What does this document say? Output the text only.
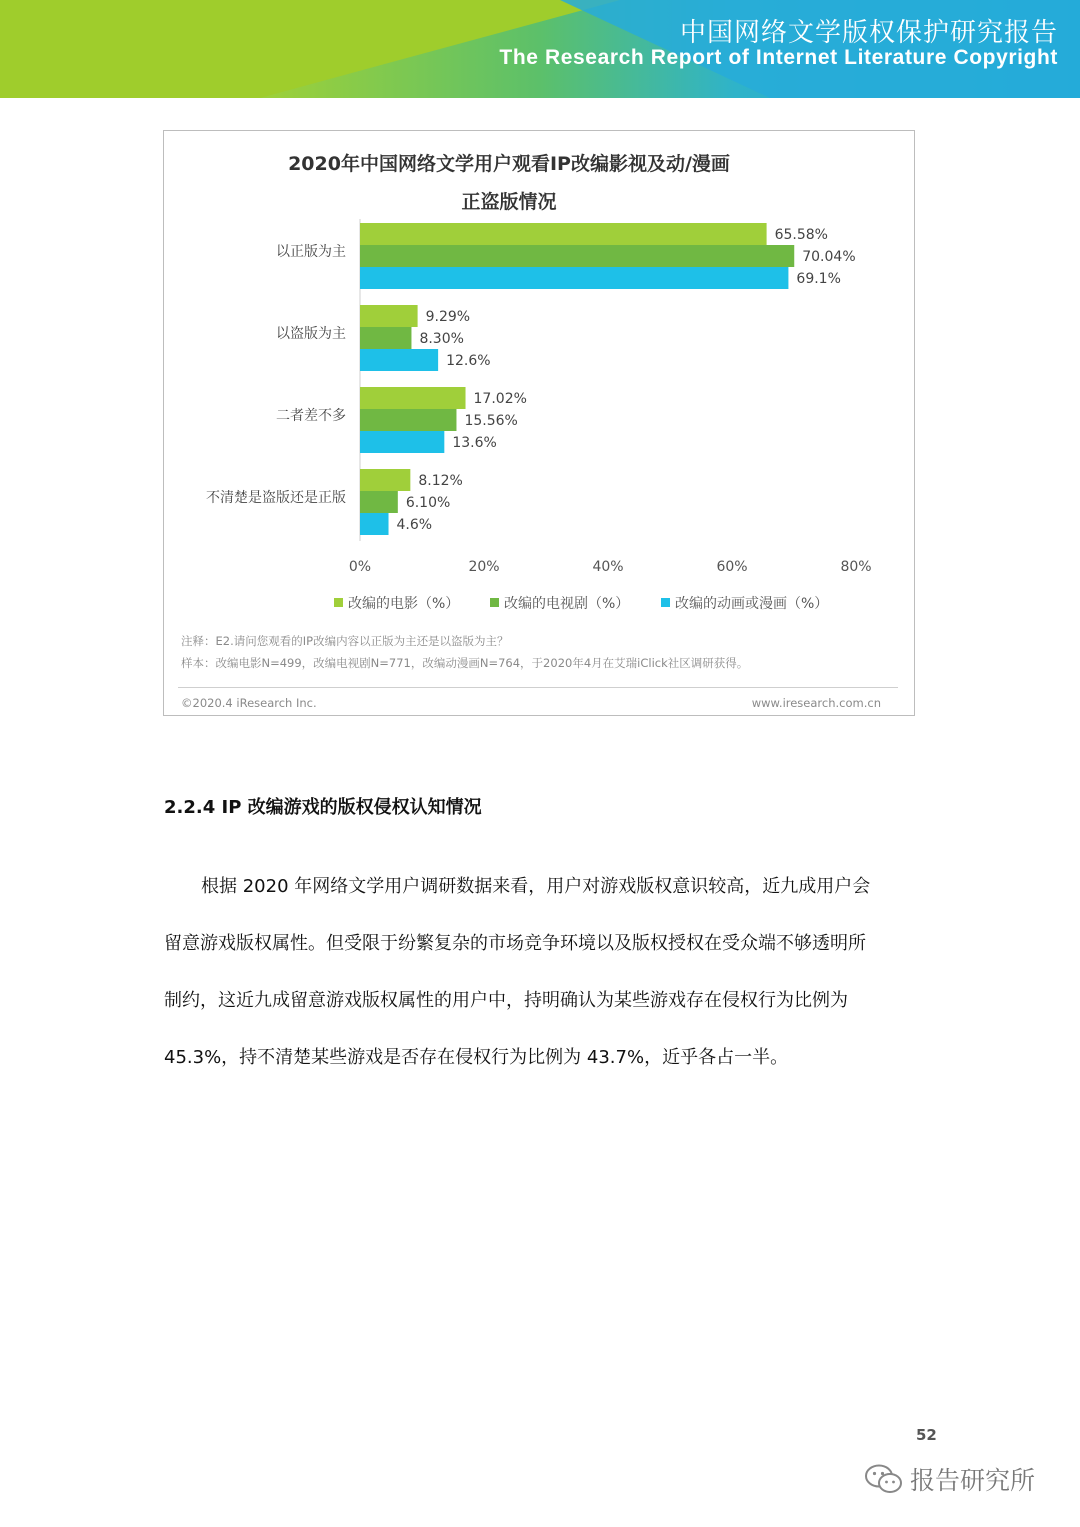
中国网络文学版权保护研究报告
The Research Report of Internet Literature Copyright
2020年中国网络文学用户观看IP改编影视及动/漫画
正盗版情况
以正版为主
65.58%
70.04%
69.1%
以盗版为主
9.29%
8.30%
12.6%
二者差不多
17.02%
15.56%
13.6%
不清楚是盗版还是正版
8.12%
6.10%
4.6%
0%	20%	40%	60%	80%
改编的电影（%）	改编的电视剧（%）	改编的动画或漫画（%）
注释：E2.请问您观看的IP改编内容以正版为主还是以盗版为主？
样本：改编电影N=499，改编电视剧N=771，改编动漫画N=764，于2020年4月在艾瑞iClick社区调研获得。
©2020.4 iResearch Inc.	www.iresearch.com.cn
2.2.4 IP 改编游戏的版权侵权认知情况
根据 2020 年网络文学用户调研数据来看，用户对游戏版权意识较高，近九成用户会
留意游戏版权属性。但受限于纷繁复杂的市场竞争环境以及版权授权在受众端不够透明所
制约，这近九成留意游戏版权属性的用户中，持明确认为某些游戏存在侵权行为比例为
45.3%，持不清楚某些游戏是否存在侵权行为比例为 43.7%，近乎各占一半。
52
报告研究所
